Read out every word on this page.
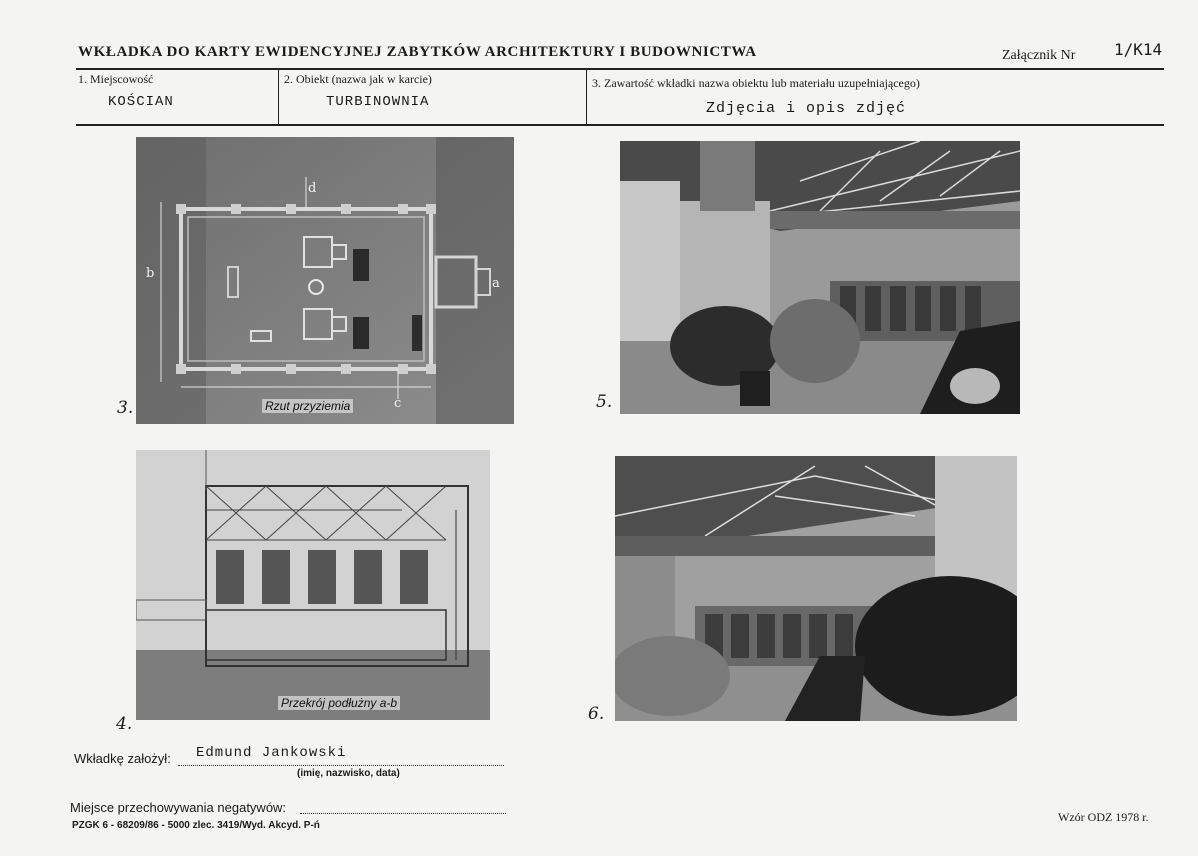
WKŁADKA DO KARTY EWIDENCYJNEJ ZABYTKÓW ARCHITEKTURY I BUDOWNICTWA	Załącznik Nr 1/K14
1. Miejscowość	2. Obiekt (nazwa jak w karcie)	3. Zawartość wkładki nazwa obiektu lub materiału uzupełniającego)
KOŚCIAN	TURBINOWNIA	Zdjęcia i opis zdjęć
b
a
d
c
Rzut przyziemia
3.	5.
Przekrój podłużny a-b
4.	6.
Wkładkę założył: Edmund Jankowski
(imię, nazwisko, data)
Miejsce przechowywania negatywów:
PZGK 6 - 68209/86 - 5000 zlec. 3419/Wyd. Akcyd. P-ń
Wzór ODZ 1978 r.
